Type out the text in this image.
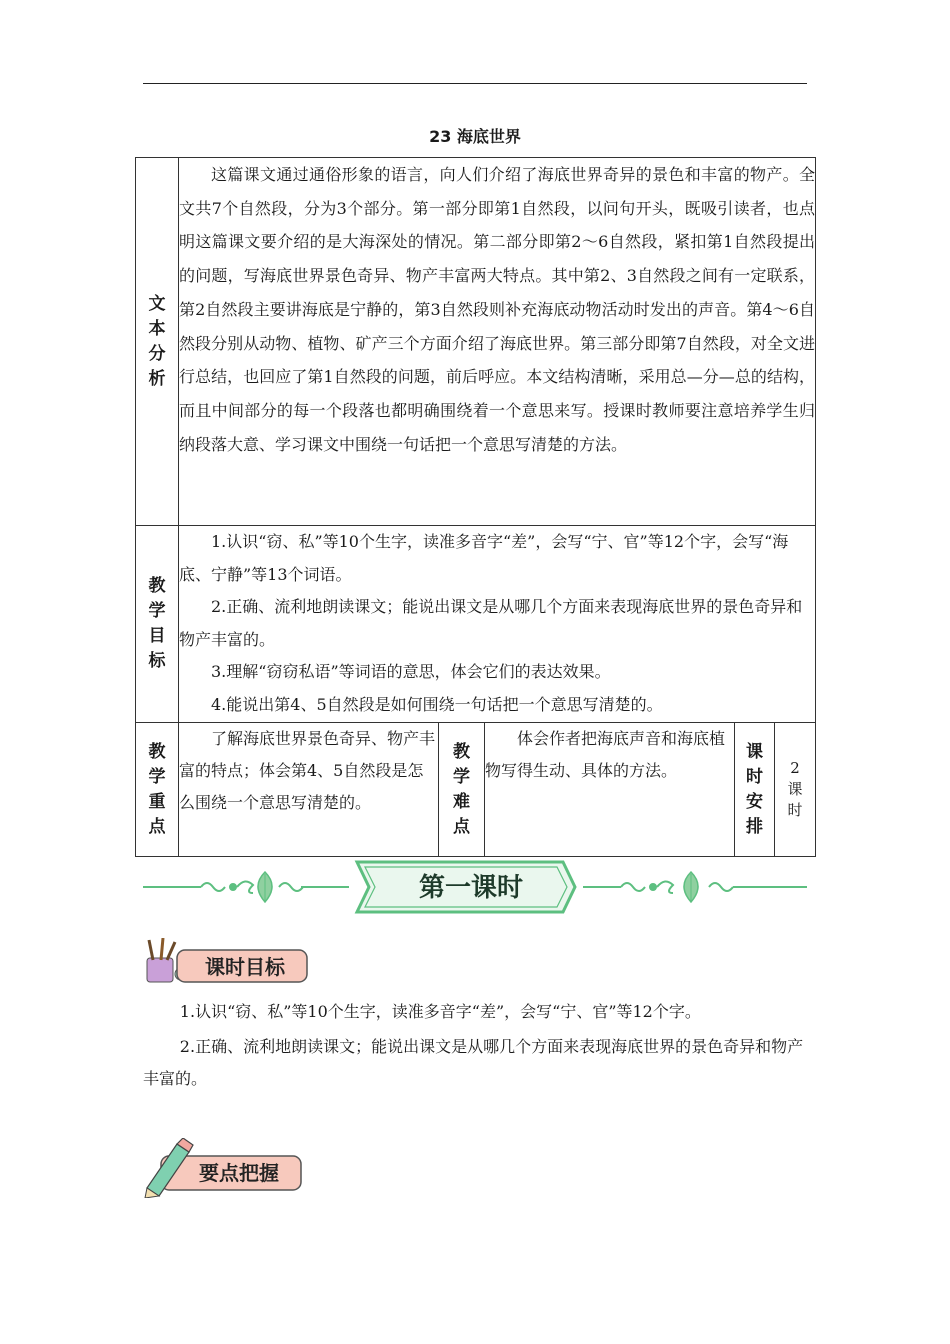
23 海底世界
文本分析	这篇课文通过通俗形象的语言，向人们介绍了海底世界奇异的景色和丰富的物产。全文共7个自然段，分为3个部分。第一部分即第1自然段，以问句开头，既吸引读者，也点明这篇课文要介绍的是大海深处的情况。第二部分即第2～6自然段，紧扣第1自然段提出的问题，写海底世界景色奇异、物产丰富两大特点。其中第2、3自然段之间有一定联系，第2自然段主要讲海底是宁静的，第3自然段则补充海底动物活动时发出的声音。第4～6自然段分别从动物、植物、矿产三个方面介绍了海底世界。第三部分即第7自然段，对全文进行总结，也回应了第1自然段的问题，前后呼应。本文结构清晰，采用总—分—总的结构，而且中间部分的每一个段落也都明确围绕着一个意思来写。授课时教师要注意培养学生归纳段落大意、学习课文中围绕一句话把一个意思写清楚的方法。				

教学目标	1.认识“窃、私”等10个生字，读准多音字“差”，会写“宁、官”等12个字，会写“海底、宁静”等13个词语。

2.正确、流利地朗读课文；能说出课文是从哪几个方面来表现海底世界的景色奇异和物产丰富的。

3.理解“窃窃私语”等词语的意思，体会它们的表达效果。

4.能说出第4、5自然段是如何围绕一句话把一个意思写清楚的。				

教学重点	了解海底世界景色奇异、物产丰富的特点；体会第4、5自然段是怎么围绕一个意思写清楚的。	教学难点	体会作者把海底声音和海底植物写得生动、具体的方法。	课时安排	2课时
第一课时
课时目标

1.认识“窃、私”等10个生字，读准多音字“差”，会写“宁、官”等12个字。

2.正确、流利地朗读课文；能说出课文是从哪几个方面来表现海底世界的景色奇异和物产丰富的。

要点把握
